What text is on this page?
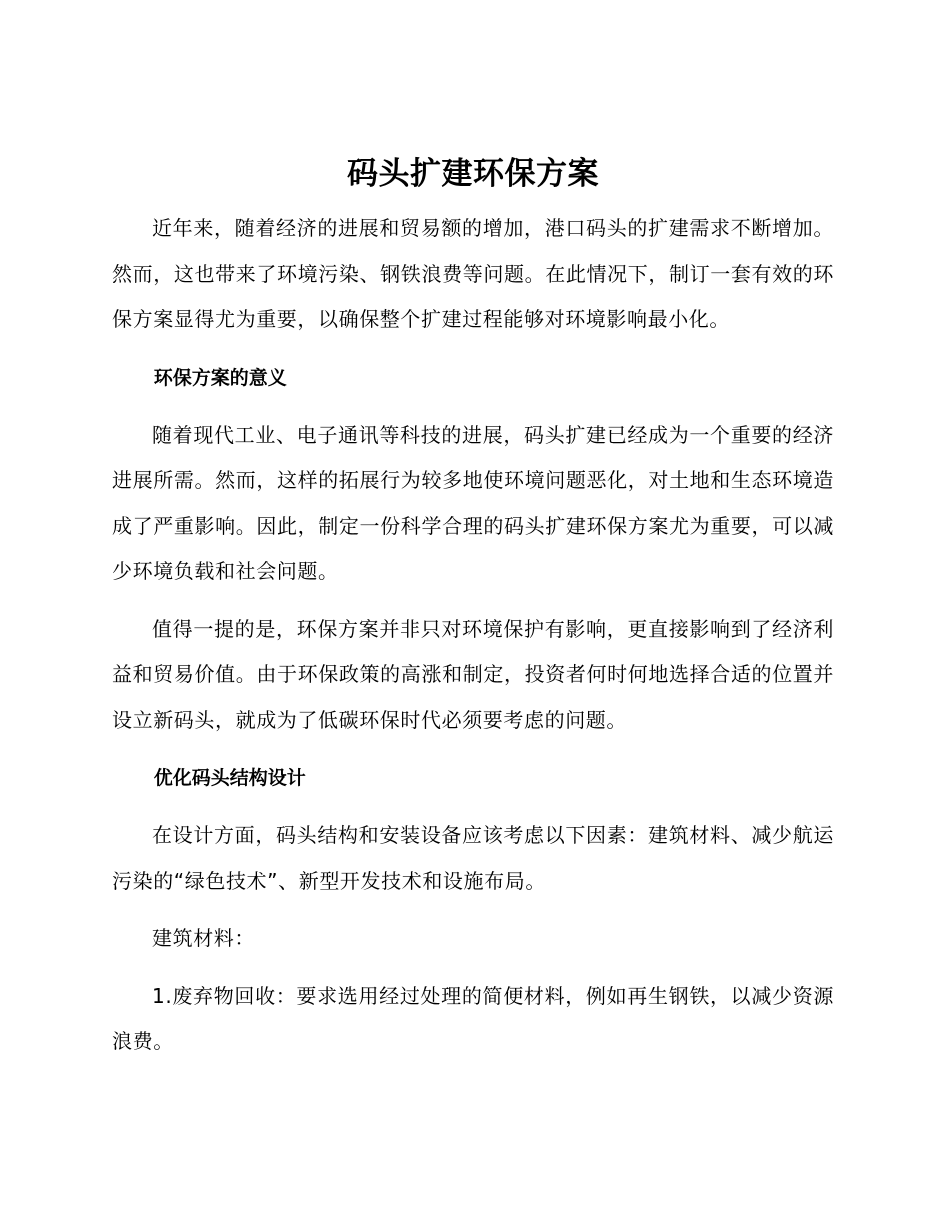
码头扩建环保方案

近年来，随着经济的进展和贸易额的增加，港口码头的扩建需求不断增加。然而，这也带来了环境污染、钢铁浪费等问题。在此情况下，制订一套有效的环保方案显得尤为重要，以确保整个扩建过程能够对环境影响最小化。

环保方案的意义

随着现代工业、电子通讯等科技的进展，码头扩建已经成为一个重要的经济进展所需。然而，这样的拓展行为较多地使环境问题恶化，对土地和生态环境造成了严重影响。因此，制定一份科学合理的码头扩建环保方案尤为重要，可以减少环境负载和社会问题。

值得一提的是，环保方案并非只对环境保护有影响，更直接影响到了经济利益和贸易价值。由于环保政策的高涨和制定，投资者何时何地选择合适的位置并设立新码头，就成为了低碳环保时代必须要考虑的问题。

优化码头结构设计

在设计方面，码头结构和安装设备应该考虑以下因素：建筑材料、减少航运污染的“绿色技术”、新型开发技术和设施布局。

建筑材料：

1.废弃物回收：要求选用经过处理的简便材料，例如再生钢铁，以减少资源浪费。
